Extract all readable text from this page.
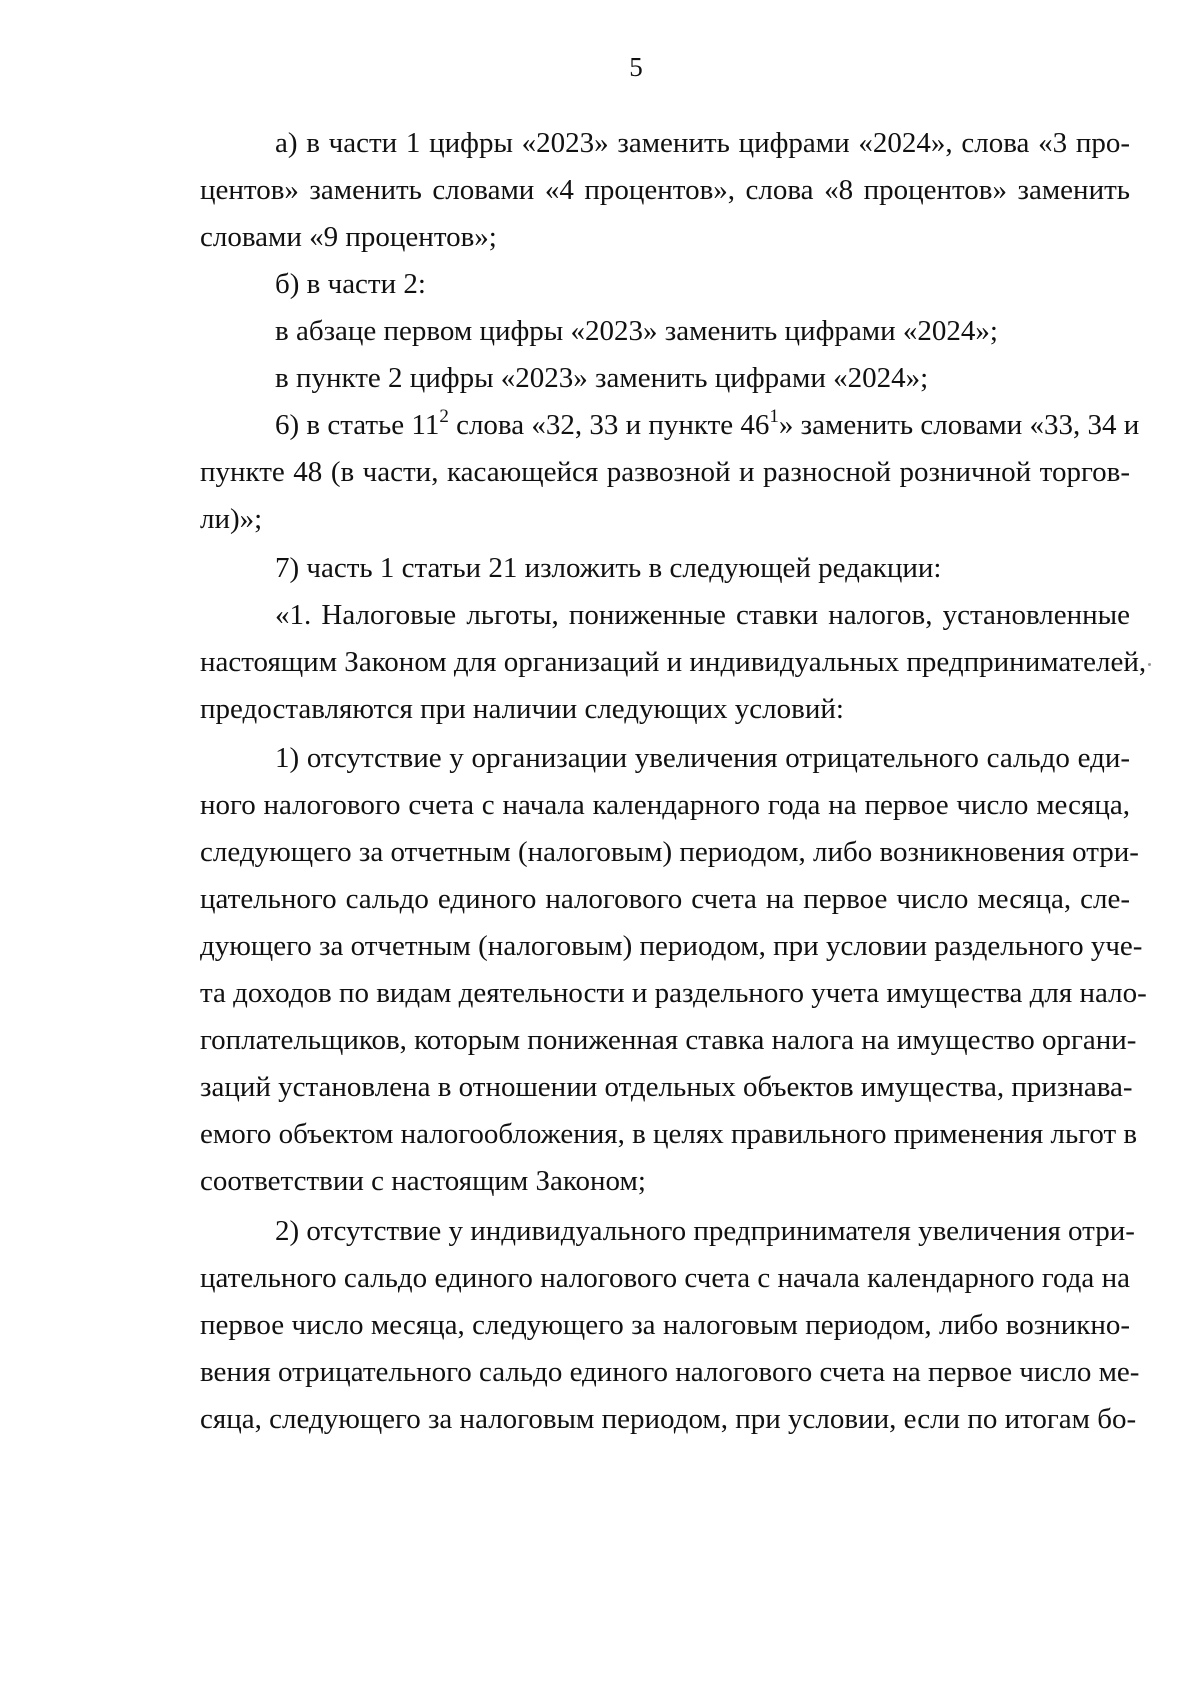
5
а) в части 1 цифры «2023» заменить цифрами «2024», слова «3 про-
центов» заменить словами «4 процентов», слова «8 процентов» заменить
словами «9 процентов»;
б) в части 2:
в абзаце первом цифры «2023» заменить цифрами «2024»;
в пункте 2 цифры «2023» заменить цифрами «2024»;
6) в статье $11^2$ слова «32, 33 и пункте $46^1$» заменить словами «33, 34 и
пункте 48 (в части, касающейся развозной и разносной розничной торгов-
ли)»;
7) часть 1 статьи 21 изложить в следующей редакции:
«1. Налоговые льготы, пониженные ставки налогов, установленные
настоящим Законом для организаций и индивидуальных предпринимателей,
предоставляются при наличии следующих условий:
1) отсутствие у организации увеличения отрицательного сальдо еди-
ного налогового счета с начала календарного года на первое число месяца,
следующего за отчетным (налоговым) периодом, либо возникновения отри-
цательного сальдо единого налогового счета на первое число месяца, сле-
дующего за отчетным (налоговым) периодом, при условии раздельного уче-
та доходов по видам деятельности и раздельного учета имущества для нало-
гоплательщиков, которым пониженная ставка налога на имущество органи-
заций установлена в отношении отдельных объектов имущества, признава-
емого объектом налогообложения, в целях правильного применения льгот в
соответствии с настоящим Законом;
2) отсутствие у индивидуального предпринимателя увеличения отри-
цательного сальдо единого налогового счета с начала календарного года на
первое число месяца, следующего за налоговым периодом, либо возникно-
вения отрицательного сальдо единого налогового счета на первое число ме-
сяца, следующего за налоговым периодом, при условии, если по итогам бо-
